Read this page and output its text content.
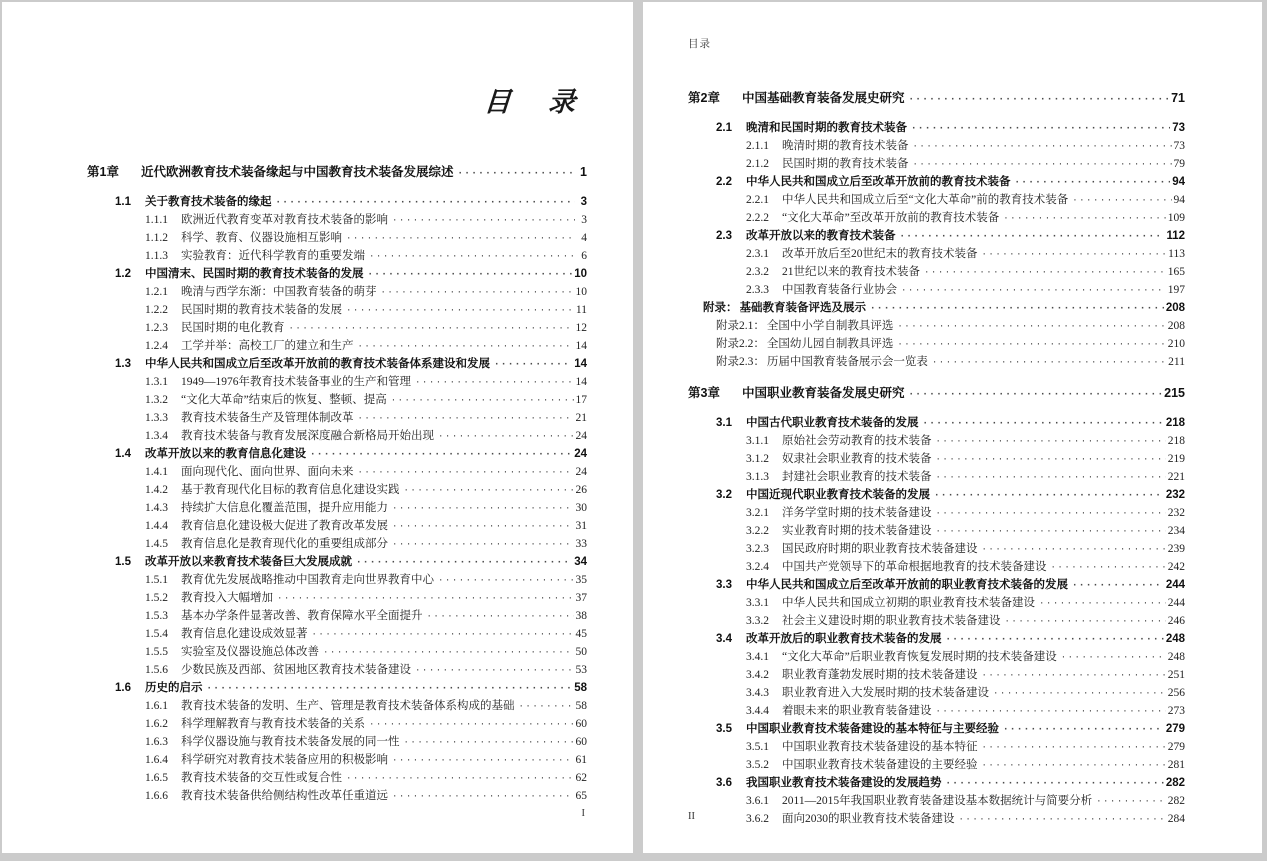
目 录
第1章	近代欧洲教育技术装备缘起与中国教育技术装备发展综述 ·····	1
1.1	关于教育技术装备的缘起 ·····	3
1.1.1	欧洲近代教育变革对教育技术装备的影响 ·····	3
1.1.2	科学、教育、仪器设施相互影响 ·····	4
1.1.3	实验教育：近代科学教育的重要发端 ·····	6
1.2	中国清末、民国时期的教育技术装备的发展 ·····	10
1.2.1	晚清与西学东渐：中国教育装备的萌芽 ·····	10
1.2.2	民国时期的教育技术装备的发展 ·····	11
1.2.3	民国时期的电化教育 ·····	12
1.2.4	工学并举：高校工厂的建立和生产 ·····	14
1.3	中华人民共和国成立后至改革开放前的教育技术装备体系建设和发展 ·····	14
1.3.1	1949—1976年教育技术装备事业的生产和管理 ·····	14
1.3.2	“文化大革命”结束后的恢复、整顿、提高 ·····	17
1.3.3	教育技术装备生产及管理体制改革 ·····	21
1.3.4	教育技术装备与教育发展深度融合新格局开始出现 ·····	24
1.4	改革开放以来的教育信息化建设 ·····	24
1.4.1	面向现代化、面向世界、面向未来 ·····	24
1.4.2	基于教育现代化目标的教育信息化建设实践 ·····	26
1.4.3	持续扩大信息化覆盖范围，提升应用能力 ·····	30
1.4.4	教育信息化建设极大促进了教育改革发展 ·····	31
1.4.5	教育信息化是教育现代化的重要组成部分 ·····	33
1.5	改革开放以来教育技术装备巨大发展成就 ·····	34
1.5.1	教育优先发展战略推动中国教育走向世界教育中心 ·····	35
1.5.2	教育投入大幅增加 ·····	37
1.5.3	基本办学条件显著改善、教育保障水平全面提升 ·····	38
1.5.4	教育信息化建设成效显著 ·····	45
1.5.5	实验室及仪器设施总体改善 ·····	50
1.5.6	少数民族及西部、贫困地区教育技术装备建设 ·····	53
1.6	历史的启示 ·····	58
1.6.1	教育技术装备的发明、生产、管理是教育技术装备体系构成的基础 ·····	58
1.6.2	科学理解教育与教育技术装备的关系 ·····	60
1.6.3	科学仪器设施与教育技术装备发展的同一性 ·····	60
1.6.4	科学研究对教育技术装备应用的积极影响 ·····	61
1.6.5	教育技术装备的交互性或复合性 ·····	62
1.6.6	教育技术装备供给侧结构性改革任重道远 ·····	65
I
目录
第2章	中国基础教育装备发展史研究 ·····	71
2.1	晚清和民国时期的教育技术装备 ·····	73
2.1.1	晚清时期的教育技术装备 ·····	73
2.1.2	民国时期的教育技术装备 ·····	79
2.2	中华人民共和国成立后至改革开放前的教育技术装备 ·····	94
2.2.1	中华人民共和国成立后至“文化大革命”前的教育技术装备 ·····	94
2.2.2	“文化大革命”至改革开放前的教育技术装备 ·····	109
2.3	改革开放以来的教育技术装备 ·····	112
2.3.1	改革开放后至20世纪末的教育技术装备 ·····	113
2.3.2	21世纪以来的教育技术装备 ·····	165
2.3.3	中国教育装备行业协会 ·····	197
附录： 基础教育装备评选及展示 ·····	208
附录2.1： 全国中小学自制教具评选 ·····	208
附录2.2： 全国幼儿园自制教具评选 ·····	210
附录2.3： 历届中国教育装备展示会一览表 ·····	211
第3章	中国职业教育装备发展史研究 ·····	215
3.1	中国古代职业教育技术装备的发展 ·····	218
3.1.1	原始社会劳动教育的技术装备 ·····	218
3.1.2	奴隶社会职业教育的技术装备 ·····	219
3.1.3	封建社会职业教育的技术装备 ·····	221
3.2	中国近现代职业教育技术装备的发展 ·····	232
3.2.1	洋务学堂时期的技术装备建设 ·····	232
3.2.2	实业教育时期的技术装备建设 ·····	234
3.2.3	国民政府时期的职业教育技术装备建设 ·····	239
3.2.4	中国共产党领导下的革命根据地教育的技术装备建设 ·····	242
3.3	中华人民共和国成立后至改革开放前的职业教育技术装备的发展 ·····	244
3.3.1	中华人民共和国成立初期的职业教育技术装备建设 ·····	244
3.3.2	社会主义建设时期的职业教育技术装备建设 ·····	246
3.4	改革开放后的职业教育技术装备的发展 ·····	248
3.4.1	“文化大革命”后职业教育恢复发展时期的技术装备建设 ·····	248
3.4.2	职业教育蓬勃发展时期的技术装备建设 ·····	251
3.4.3	职业教育进入大发展时期的技术装备建设 ·····	256
3.4.4	着眼未来的职业教育装备建设 ·····	273
3.5	中国职业教育技术装备建设的基本特征与主要经验 ·····	279
3.5.1	中国职业教育技术装备建设的基本特征 ·····	279
3.5.2	中国职业教育技术装备建设的主要经验 ·····	281
3.6	我国职业教育技术装备建设的发展趋势 ·····	282
3.6.1	2011—2015年我国职业教育装备建设基本数据统计与简要分析 ·····	282
3.6.2	面向2030的职业教育技术装备建设 ·····	284
II
